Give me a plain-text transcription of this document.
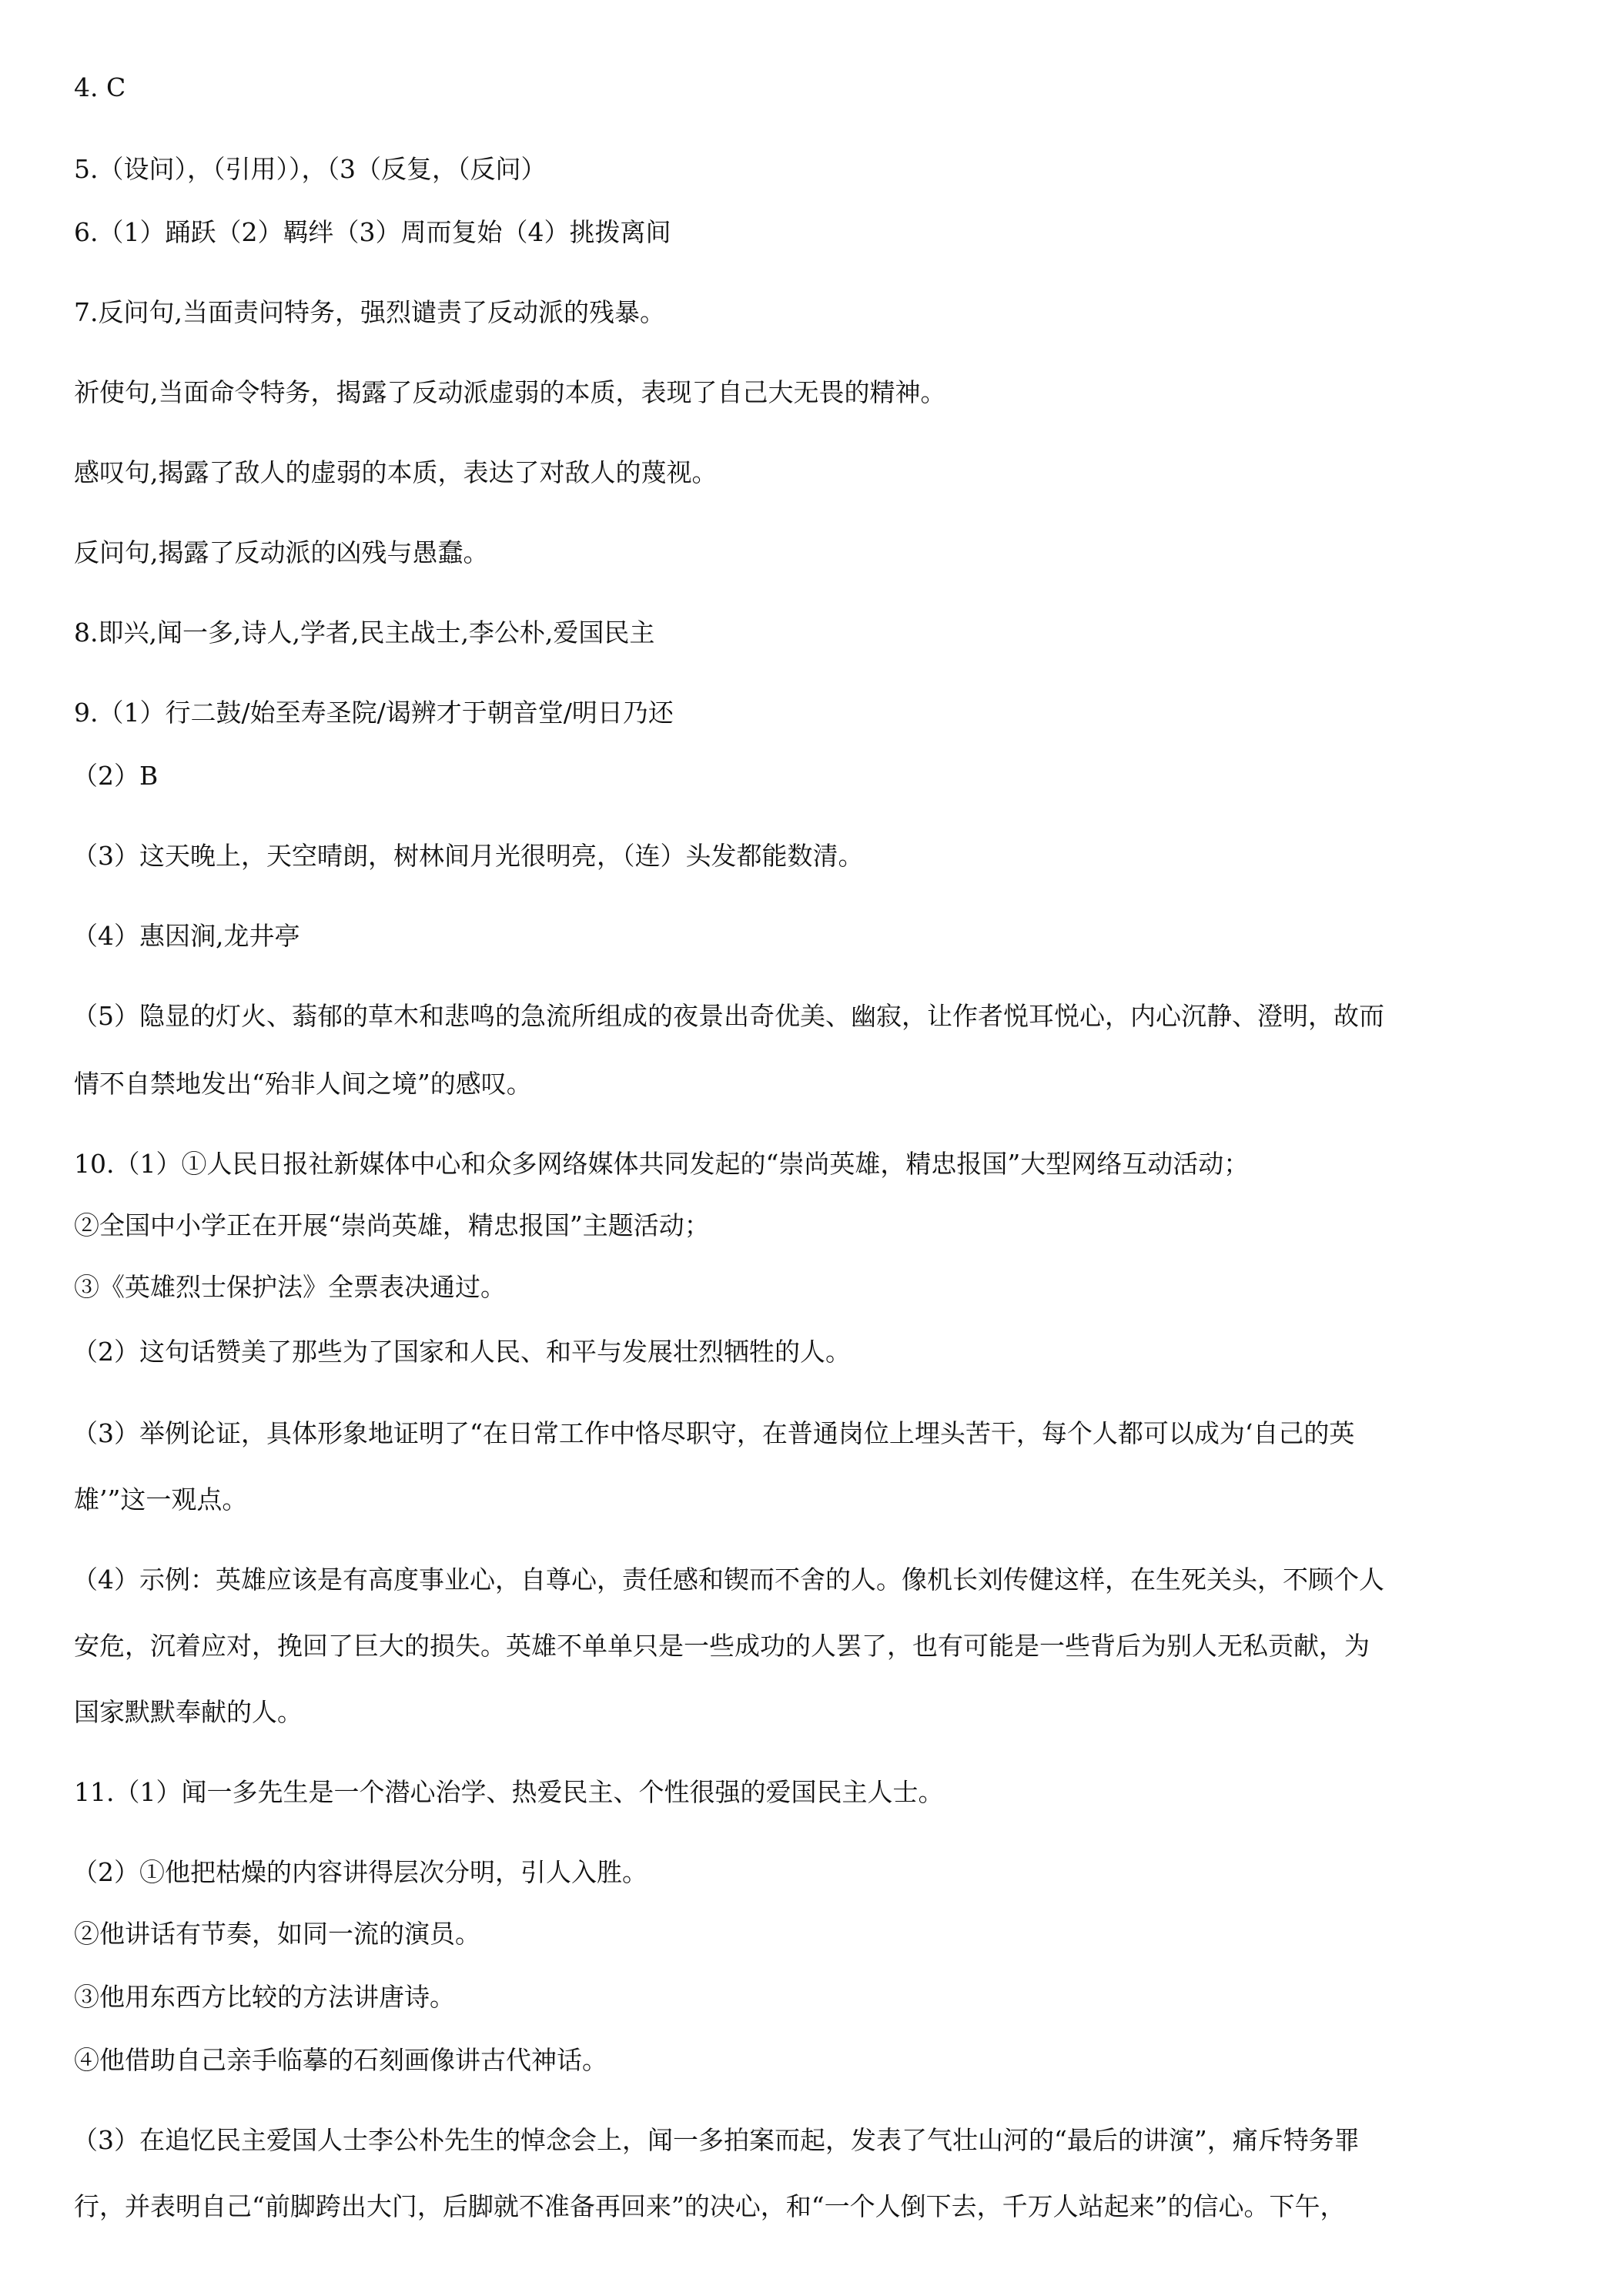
4. C
5.（设问），（引用）），（3（反复，（反问）
6.（1）踊跃（2）羁绊（3）周而复始（4）挑拨离间
7.反问句,当面责问特务，强烈谴责了反动派的残暴。
祈使句,当面命令特务，揭露了反动派虚弱的本质，表现了自己大无畏的精神。
感叹句,揭露了敌人的虚弱的本质，表达了对敌人的蔑视。
反问句,揭露了反动派的凶残与愚蠢。
8.即兴,闻一多,诗人,学者,民主战士,李公朴,爱国民主
9.（1）行二鼓/始至寿圣院/谒辨才于朝音堂/明日乃还
（2）B
（3）这天晚上，天空晴朗，树林间月光很明亮，（连）头发都能数清。
（4）惠因涧,龙井亭
（5）隐显的灯火、蓊郁的草木和悲鸣的急流所组成的夜景出奇优美、幽寂，让作者悦耳悦心，内心沉静、澄明，故而
情不自禁地发出“殆非人间之境”的感叹。
10.（1）①人民日报社新媒体中心和众多网络媒体共同发起的“崇尚英雄，精忠报国”大型网络互动活动；
②全国中小学正在开展“崇尚英雄，精忠报国”主题活动；
③《英雄烈士保护法》全票表决通过。
（2）这句话赞美了那些为了国家和人民、和平与发展壮烈牺牲的人。
（3）举例论证，具体形象地证明了“在日常工作中恪尽职守，在普通岗位上埋头苦干，每个人都可以成为‘自己的英
雄’”这一观点。
（4）示例：英雄应该是有高度事业心，自尊心，责任感和锲而不舍的人。像机长刘传健这样，在生死关头，不顾个人
安危，沉着应对，挽回了巨大的损失。英雄不单单只是一些成功的人罢了，也有可能是一些背后为别人无私贡献，为
国家默默奉献的人。
11.（1）闻一多先生是一个潜心治学、热爱民主、个性很强的爱国民主人士。
（2）①他把枯燥的内容讲得层次分明，引人入胜。
②他讲话有节奏，如同一流的演员。
③他用东西方比较的方法讲唐诗。
④他借助自己亲手临摹的石刻画像讲古代神话。
（3）在追忆民主爱国人士李公朴先生的悼念会上，闻一多拍案而起，发表了气壮山河的“最后的讲演”，痛斥特务罪
行，并表明自己“前脚跨出大门，后脚就不准备再回来”的决心，和“一个人倒下去，千万人站起来”的信心。下午，
